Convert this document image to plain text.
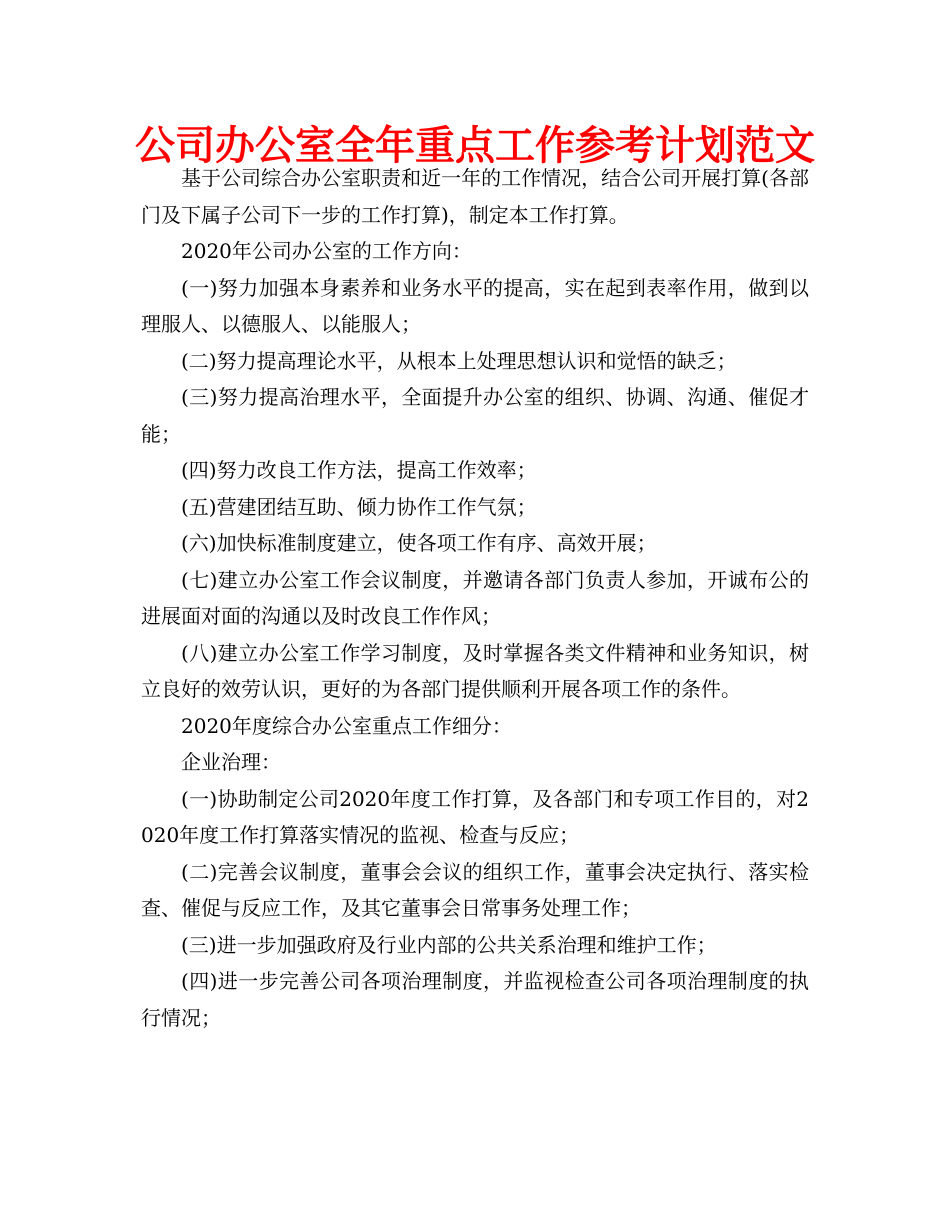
公司办公室全年重点工作参考计划范文

基于公司综合办公室职责和近一年的工作情况，结合公司开展打算(各部门及下属子公司下一步的工作打算)，制定本工作打算。

2020年公司办公室的工作方向：

(一)努力加强本身素养和业务水平的提高，实在起到表率作用，做到以理服人、以德服人、以能服人；

(二)努力提高理论水平，从根本上处理思想认识和觉悟的缺乏；

(三)努力提高治理水平，全面提升办公室的组织、协调、沟通、催促才能；

(四)努力改良工作方法，提高工作效率；

(五)营建团结互助、倾力协作工作气氛；

(六)加快标准制度建立，使各项工作有序、高效开展；

(七)建立办公室工作会议制度，并邀请各部门负责人参加，开诚布公的进展面对面的沟通以及时改良工作作风；

(八)建立办公室工作学习制度，及时掌握各类文件精神和业务知识，树立良好的效劳认识，更好的为各部门提供顺利开展各项工作的条件。

2020年度综合办公室重点工作细分：

企业治理：

(一)协助制定公司2020年度工作打算，及各部门和专项工作目的，对2020年度工作打算落实情况的监视、检查与反应；

(二)完善会议制度，董事会会议的组织工作，董事会决定执行、落实检查、催促与反应工作，及其它董事会日常事务处理工作；

(三)进一步加强政府及行业内部的公共关系治理和维护工作；

(四)进一步完善公司各项治理制度，并监视检查公司各项治理制度的执行情况；
